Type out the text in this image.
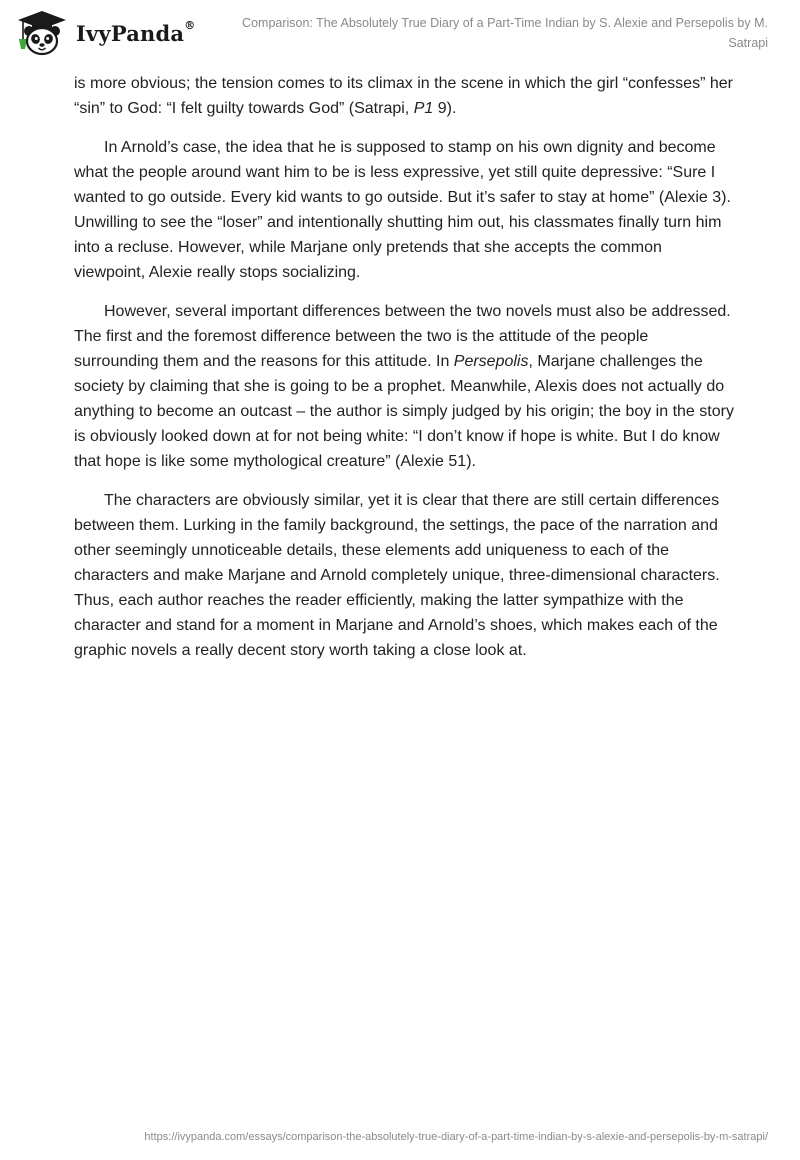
IvyPanda®	Comparison: The Absolutely True Diary of a Part-Time Indian by S. Alexie and Persepolis by M. Satrapi

is more obvious; the tension comes to its climax in the scene in which the girl “confesses” her “sin” to God: “I felt guilty towards God” (Satrapi, P1 9).

In Arnold’s case, the idea that he is supposed to stamp on his own dignity and become what the people around want him to be is less expressive, yet still quite depressive: “Sure I wanted to go outside. Every kid wants to go outside. But it’s safer to stay at home” (Alexie 3). Unwilling to see the “loser” and intentionally shutting him out, his classmates finally turn him into a recluse. However, while Marjane only pretends that she accepts the common viewpoint, Alexie really stops socializing.

However, several important differences between the two novels must also be addressed. The first and the foremost difference between the two is the attitude of the people surrounding them and the reasons for this attitude. In Persepolis, Marjane challenges the society by claiming that she is going to be a prophet. Meanwhile, Alexis does not actually do anything to become an outcast – the author is simply judged by his origin; the boy in the story is obviously looked down at for not being white: “I don’t know if hope is white. But I do know that hope is like some mythological creature” (Alexie 51).

The characters are obviously similar, yet it is clear that there are still certain differences between them. Lurking in the family background, the settings, the pace of the narration and other seemingly unnoticeable details, these elements add uniqueness to each of the characters and make Marjane and Arnold completely unique, three-dimensional characters. Thus, each author reaches the reader efficiently, making the latter sympathize with the character and stand for a moment in Marjane and Arnold’s shoes, which makes each of the graphic novels a really decent story worth taking a close look at.

https://ivypanda.com/essays/comparison-the-absolutely-true-diary-of-a-part-time-indian-by-s-alexie-and-persepolis-by-m-satrapi/
